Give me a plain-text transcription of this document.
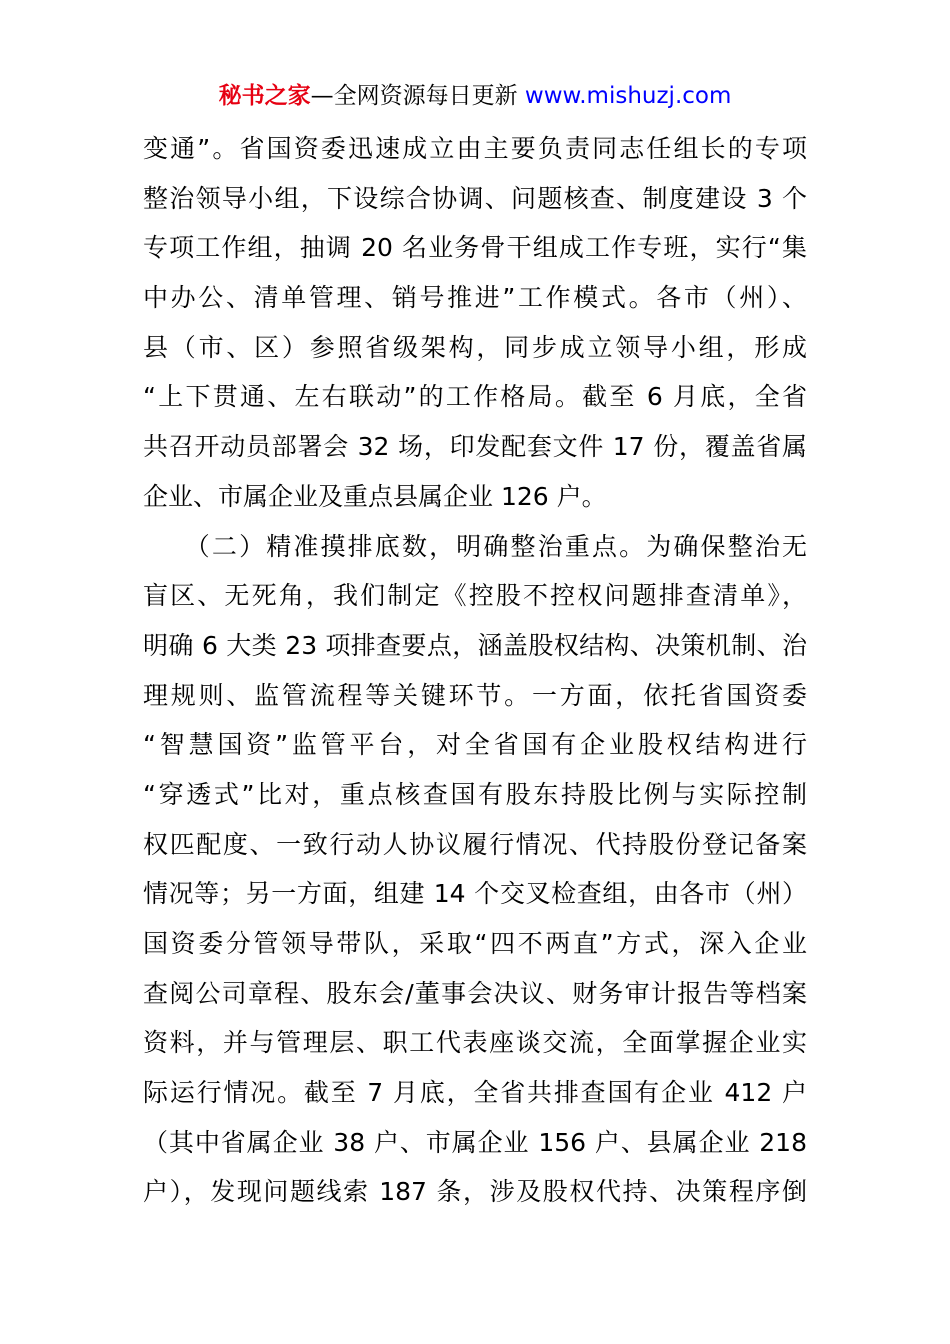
秘书之家—全网资源每日更新 www.mishuzj.com
变通”。省国资委迅速成立由主要负责同志任组长的专项
整治领导小组，下设综合协调、问题核查、制度建设 3 个
专项工作组，抽调 20 名业务骨干组成工作专班，实行“集
中办公、清单管理、销号推进”工作模式。各市（州）、
县（市、区）参照省级架构，同步成立领导小组，形成
“上下贯通、左右联动”的工作格局。截至 6 月底，全省
共召开动员部署会 32 场，印发配套文件 17 份，覆盖省属
企业、市属企业及重点县属企业 126 户。
　　（二）精准摸排底数，明确整治重点。为确保整治无
盲区、无死角，我们制定《控股不控权问题排查清单》，
明确 6 大类 23 项排查要点，涵盖股权结构、决策机制、治
理规则、监管流程等关键环节。一方面，依托省国资委
“智慧国资”监管平台，对全省国有企业股权结构进行
“穿透式”比对，重点核查国有股东持股比例与实际控制
权匹配度、一致行动人协议履行情况、代持股份登记备案
情况等；另一方面，组建 14 个交叉检查组，由各市（州）
国资委分管领导带队，采取“四不两直”方式，深入企业
查阅公司章程、股东会/董事会决议、财务审计报告等档案
资料，并与管理层、职工代表座谈交流，全面掌握企业实
际运行情况。截至 7 月底，全省共排查国有企业 412 户
（其中省属企业 38 户、市属企业 156 户、县属企业 218
户），发现问题线索 187 条，涉及股权代持、决策程序倒
